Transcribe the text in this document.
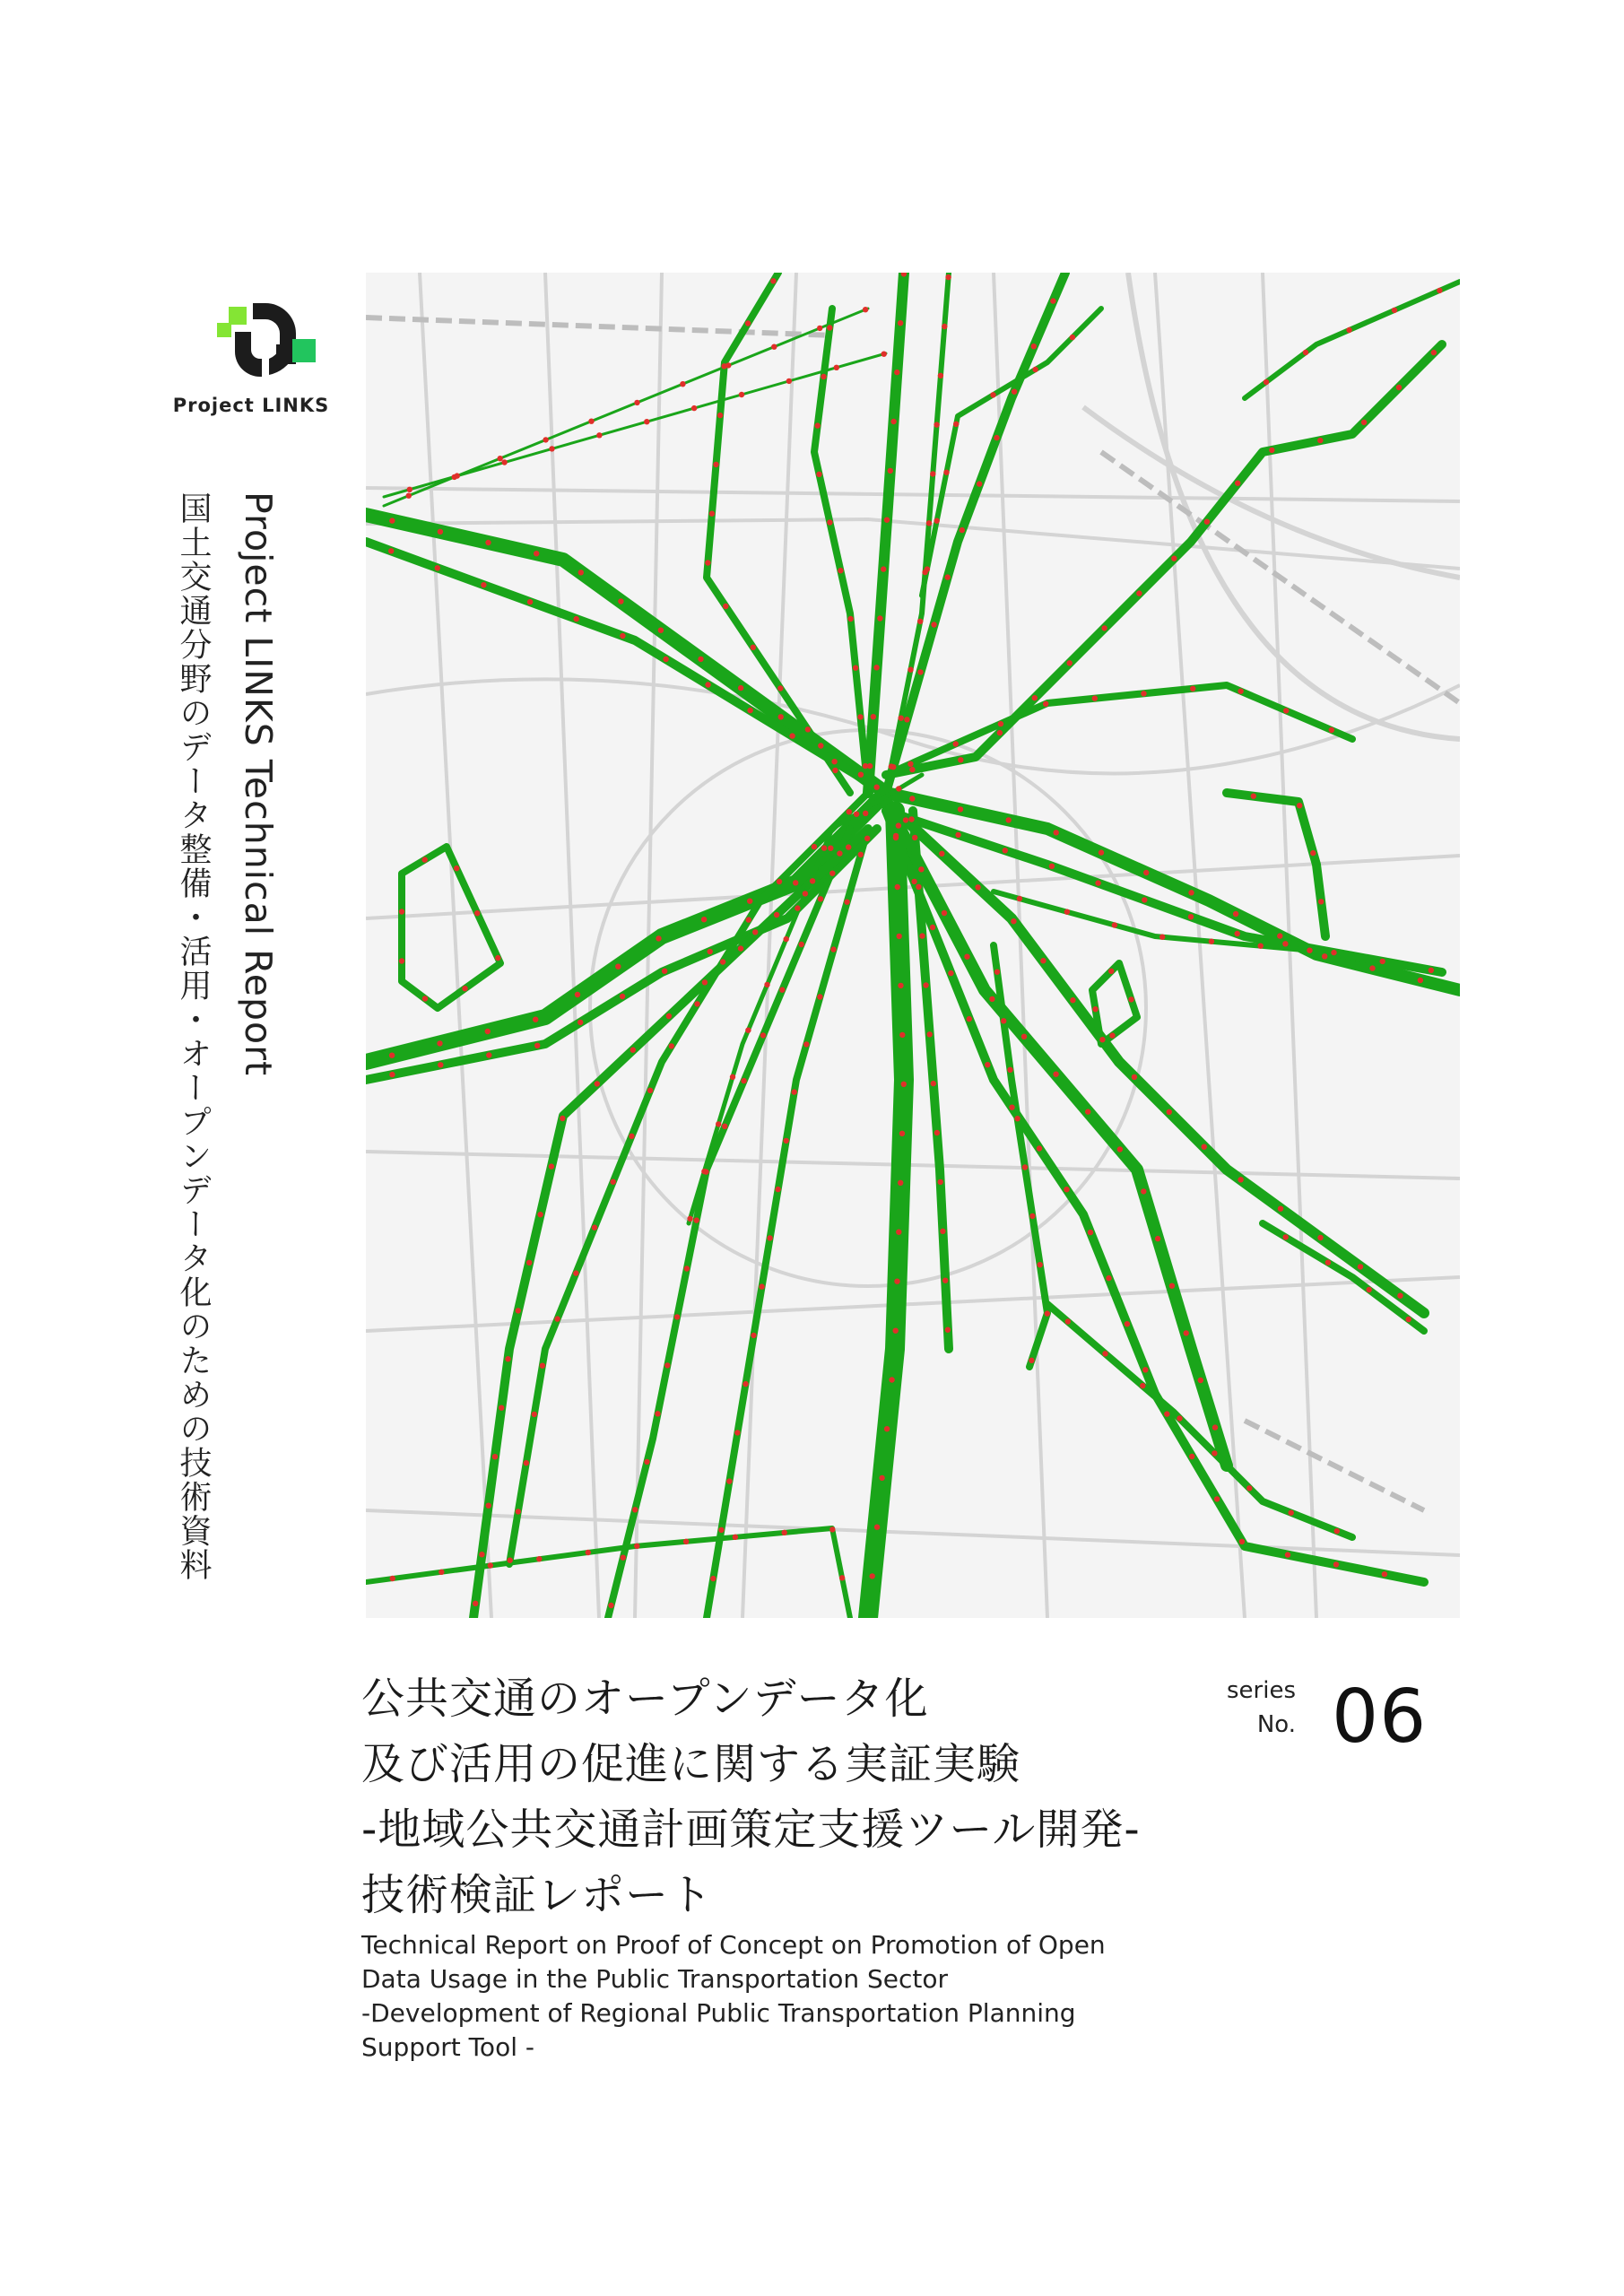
Project LINKS
Project LINKS Technical Report
国土交通分野のデータ整備・活用・オープンデータ化のための技術資料
公共交通のオープンデータ化
及び活用の促進に関する実証実験
-地域公共交通計画策定支援ツール開発-
技術検証レポート
series
No. 06
Technical Report on Proof of Concept on Promotion of Open
Data Usage in the Public Transportation Sector
-Development of Regional Public Transportation Planning
Support Tool -
